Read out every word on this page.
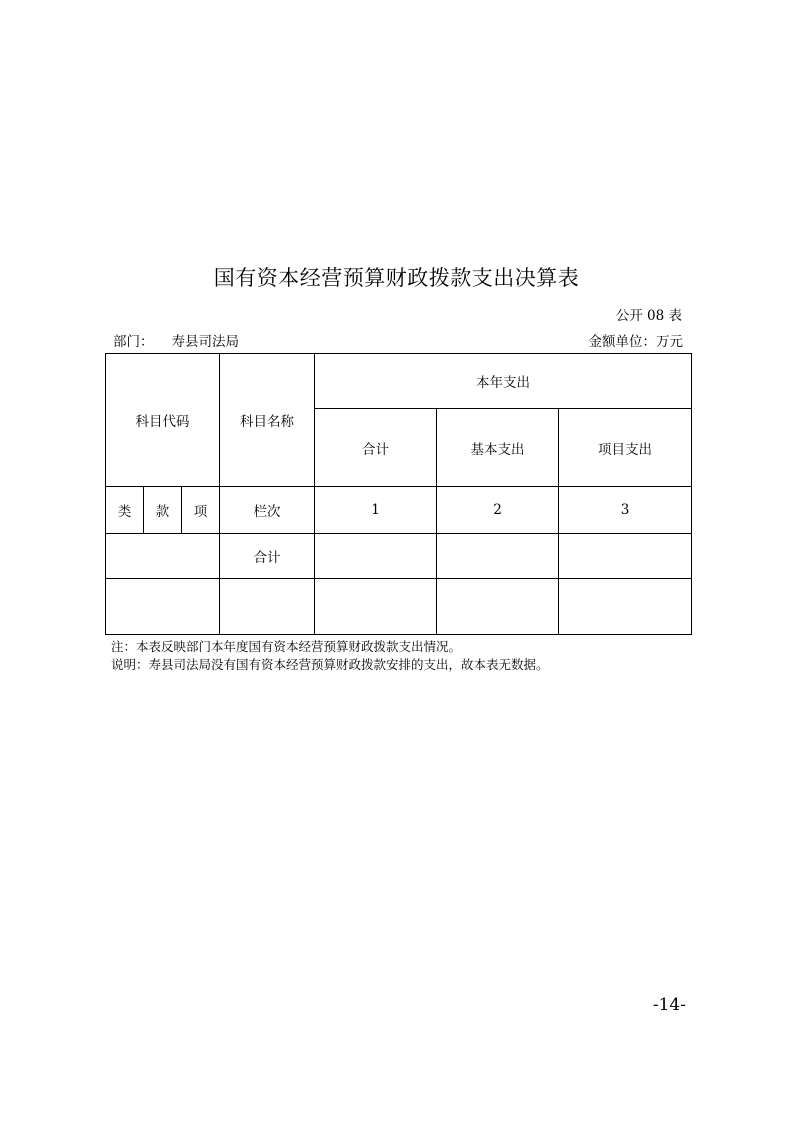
国有资本经营预算财政拨款支出决算表
公开 08 表
部门： 寿县司法局	金额单位：万元
科目代码			科目名称	本年支出		
				合计	基本支出	项目支出
类	款	项	栏次	1	2	3
			合计			

注：本表反映部门本年度国有资本经营预算财政拨款支出情况。
说明：寿县司法局没有国有资本经营预算财政拨款安排的支出，故本表无数据。
-14-
